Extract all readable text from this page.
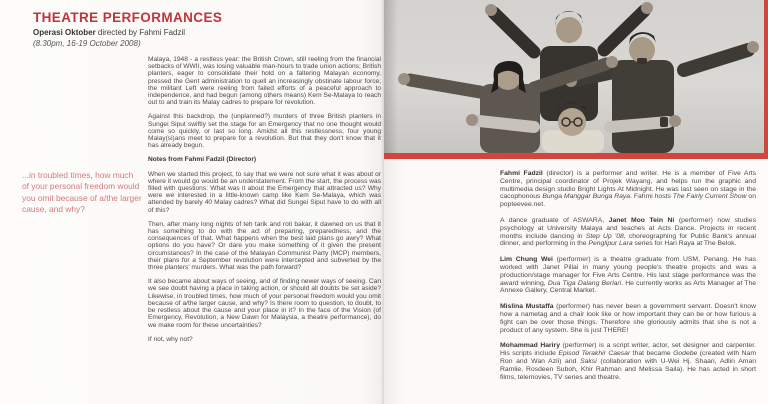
THEATRE PERFORMANCES
Operasi Oktober directed by Fahmi Fadzil
(8.30pm, 16-19 October 2008)
...in troubled times, how much of your personal freedom would you omit because of a/the larger cause, and why?

Malaya, 1948 - a restless year: the British Crown, still reeling from the financial setbacks of WWII, was losing valuable man-hours to trade union actions; British planters, eager to consolidate their hold on a faltering Malayan economy, pressed the Gent administration to quell an increasingly obstinate labour force; the militant Left were reeling from failed efforts of a peaceful approach to independence, and had begun (among others means) Kem Se-Malaya to reach out to and train its Malay cadres to prepare for revolution.

Against this backdrop, the (unplanned?) murders of three British planters in Sungei Siput swiftly set the stage for an Emergency that no one thought would come so quickly, or last so long. Amidst all this restlessness, four young Malay(si)ans meet to prepare for a revolution. But that they don't know that it has already begun.

Notes from Fahmi Fadzil (Director)

When we started this project, to say that we were not sure what it was about or where it would go would be an understatement. From the start, the process was filled with questions: What was it about the Emergency that attracted us? Why were we interested in a little-known camp like Kem Se-Malaya, which was attended by barely 40 Malay cadres? What did Sungei Siput have to do with all of this?

Then, after many long nights of teh tarik and roti bakar, it dawned on us that it has something to do with the act of preparing, preparedness, and the consequences of that. What happens when the best laid plans go awry? What options do you have? Or dare you make something of it given the present circumstances? In the case of the Malayan Communist Party (MCP) members, their plans for a September revolution were intercepted and subverted by the three planters' murders. What was the path forward?

It also became about ways of seeing, and of finding newer ways of seeing. Can we see doubt having a place in taking action, or should all doubts be set aside? Likewise, in troubled times, how much of your personal freedom would you omit because of a/the larger cause, and why? Is there room to question, to doubt, to be restless about the cause and your place in it? In the face of the Vision (of Emergency, Revolution, a New Dawn for Malaysia, a theatre performance), do we make room for these uncertainties?

If not, why not?

Fahmi Fadzil (director) is a performer and writer. He is a member of Five Arts Centre, principal coordinator of Projek Wayang, and helps run the graphic and multimedia design studio Bright Lights At Midnight. He was last seen on stage in the cacophonous Bunga Manggar Bunga Raya. Fahmi hosts The Fairly Current Show on popteevee.net.

A dance graduate of ASWARA, Janet Moo Tein Ni (performer) now studies psychology at University Malaya and teaches at Acts Dance. Projects in recent months include dancing in Step Up '08, choreographing for Public Bank's annual dinner, and performing in the Penglipur Lara series for Hari Raya at The Belok.

Lim Chung Wei (performer) is a theatre graduate from USM, Penang. He has worked with Janet Pillai in many young people's theatre projects and was a production/stage manager for Five Arts Centre. His last stage performance was the award winning, Dua Tiga Dalang Berlari. He currently works as Arts Manager at The Annexe Gallery, Central Market.

Mislina Mustaffa (performer) has never been a government servant. Doesn't know how a nametag and a chair look like or how important they can be or how furious a fight can be over those things. Therefore she gloriously admits that she is not a product of any system. She is just THERE!

Mohammad Hariry (performer) is a script writer, actor, set designer and carpenter. His scripts include Episod Terakhir Caesar that became Godebe (created with Nam Ron and Wan Azli) and Saksi (collaboration with U-Wei Hj. Shaari, Adlin Aman Ramlie, Rosdeen Suboh, Khir Rahman and Melissa Saila). He has acted in short films, telemovies, TV series and theatre.
